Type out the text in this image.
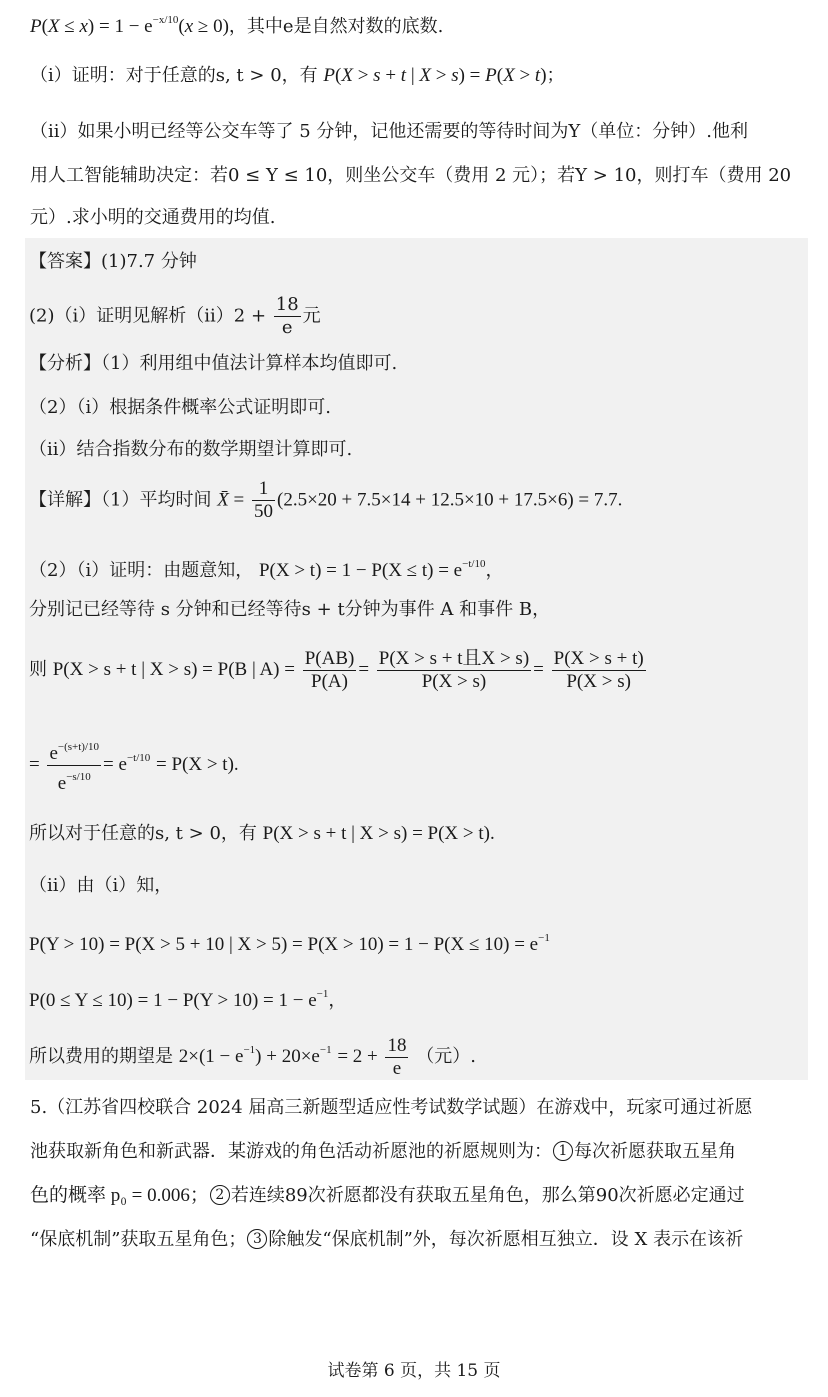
$P(X \le x) = 1 - e^{-x/10}(x \ge 0)$，其中e是自然对数的底数.
（i）证明：对于任意的s, t > 0，有 P(X > s + t | X > s) = P(X > t)；
（ii）如果小明已经等公交车等了 5 分钟，记他还需要的等待时间为Y（单位：分钟）.他利
用人工智能辅助决定：若0 ≤ Y ≤ 10，则坐公交车（费用 2 元）；若Y > 10，则打车（费用 20
元）.求小明的交通费用的均值.
【答案】(1)7.7 分钟
(2)（i）证明见解析$(ii)2 + \frac{18}{e}$ 元
【分析】（1）利用组中值法计算样本均值即可.
（2）（i）根据条件概率公式证明即可.
（ii）结合指数分布的数学期望计算即可.
【详解】（1）平均时间 X̄ = $\frac{1}{50} (2.5\times 20 + 7.5\times 14 + 12.5\times 10 + 17.5\times 6) = 7.7$.
（2）（i）证明：由题意知， $P(X > t) = 1 - P(X \le t) = e^{-t/10}$，
分别记已经等待 s 分钟和已经等待s + t分钟为事件 A 和事件 B，
则 P(X > s + t | X > s) = P(B | $A) = \frac{P(AB)}{P(A)} = \frac{\text{P(X > s + t且X > s)}}{P(X > s)} = \frac{P(X > s + t)}{P(X > s)}$
= $\frac{e^{-(s+t)/10}}{e^{-s/10}} = e^{-t/10} = P(X > t)$.
所以对于任意的s, t > 0，有 P(X > s + t | X > s) = P(X > t).
（ii）由（i）知，
P(Y > 10) = P(X > 5 + 10 | $X > 5) = P(X > 10) = 1 - P(X \le 10) = e^{-1}$
$P(0 \le Y \le 10) = 1 - P(Y > 10) = 1 - e^{-1}$，
所以费用的期望是 $2\times(1 - e^{-1}) + 20\times e^{-1} = 2 + \frac{18}{e}$ （元）.
5.（江苏省四校联合 2024 届高三新题型适应性考试数学试题）在游戏中，玩家可通过祈愿
池获取新角色和新武器．某游戏的角色活动祈愿池的祈愿规则为： 1 每次祈愿获取五星角
色的概率 p₀ = 0.006； 2 若连续89次祈愿都没有获取五星角色，那么第90次祈愿必定通过
“保底机制”获取五星角色； 3 除触发“保底机制”外，每次祈愿相互独立．设 X 表示在该祈
试卷第 6 页，共 15 页
